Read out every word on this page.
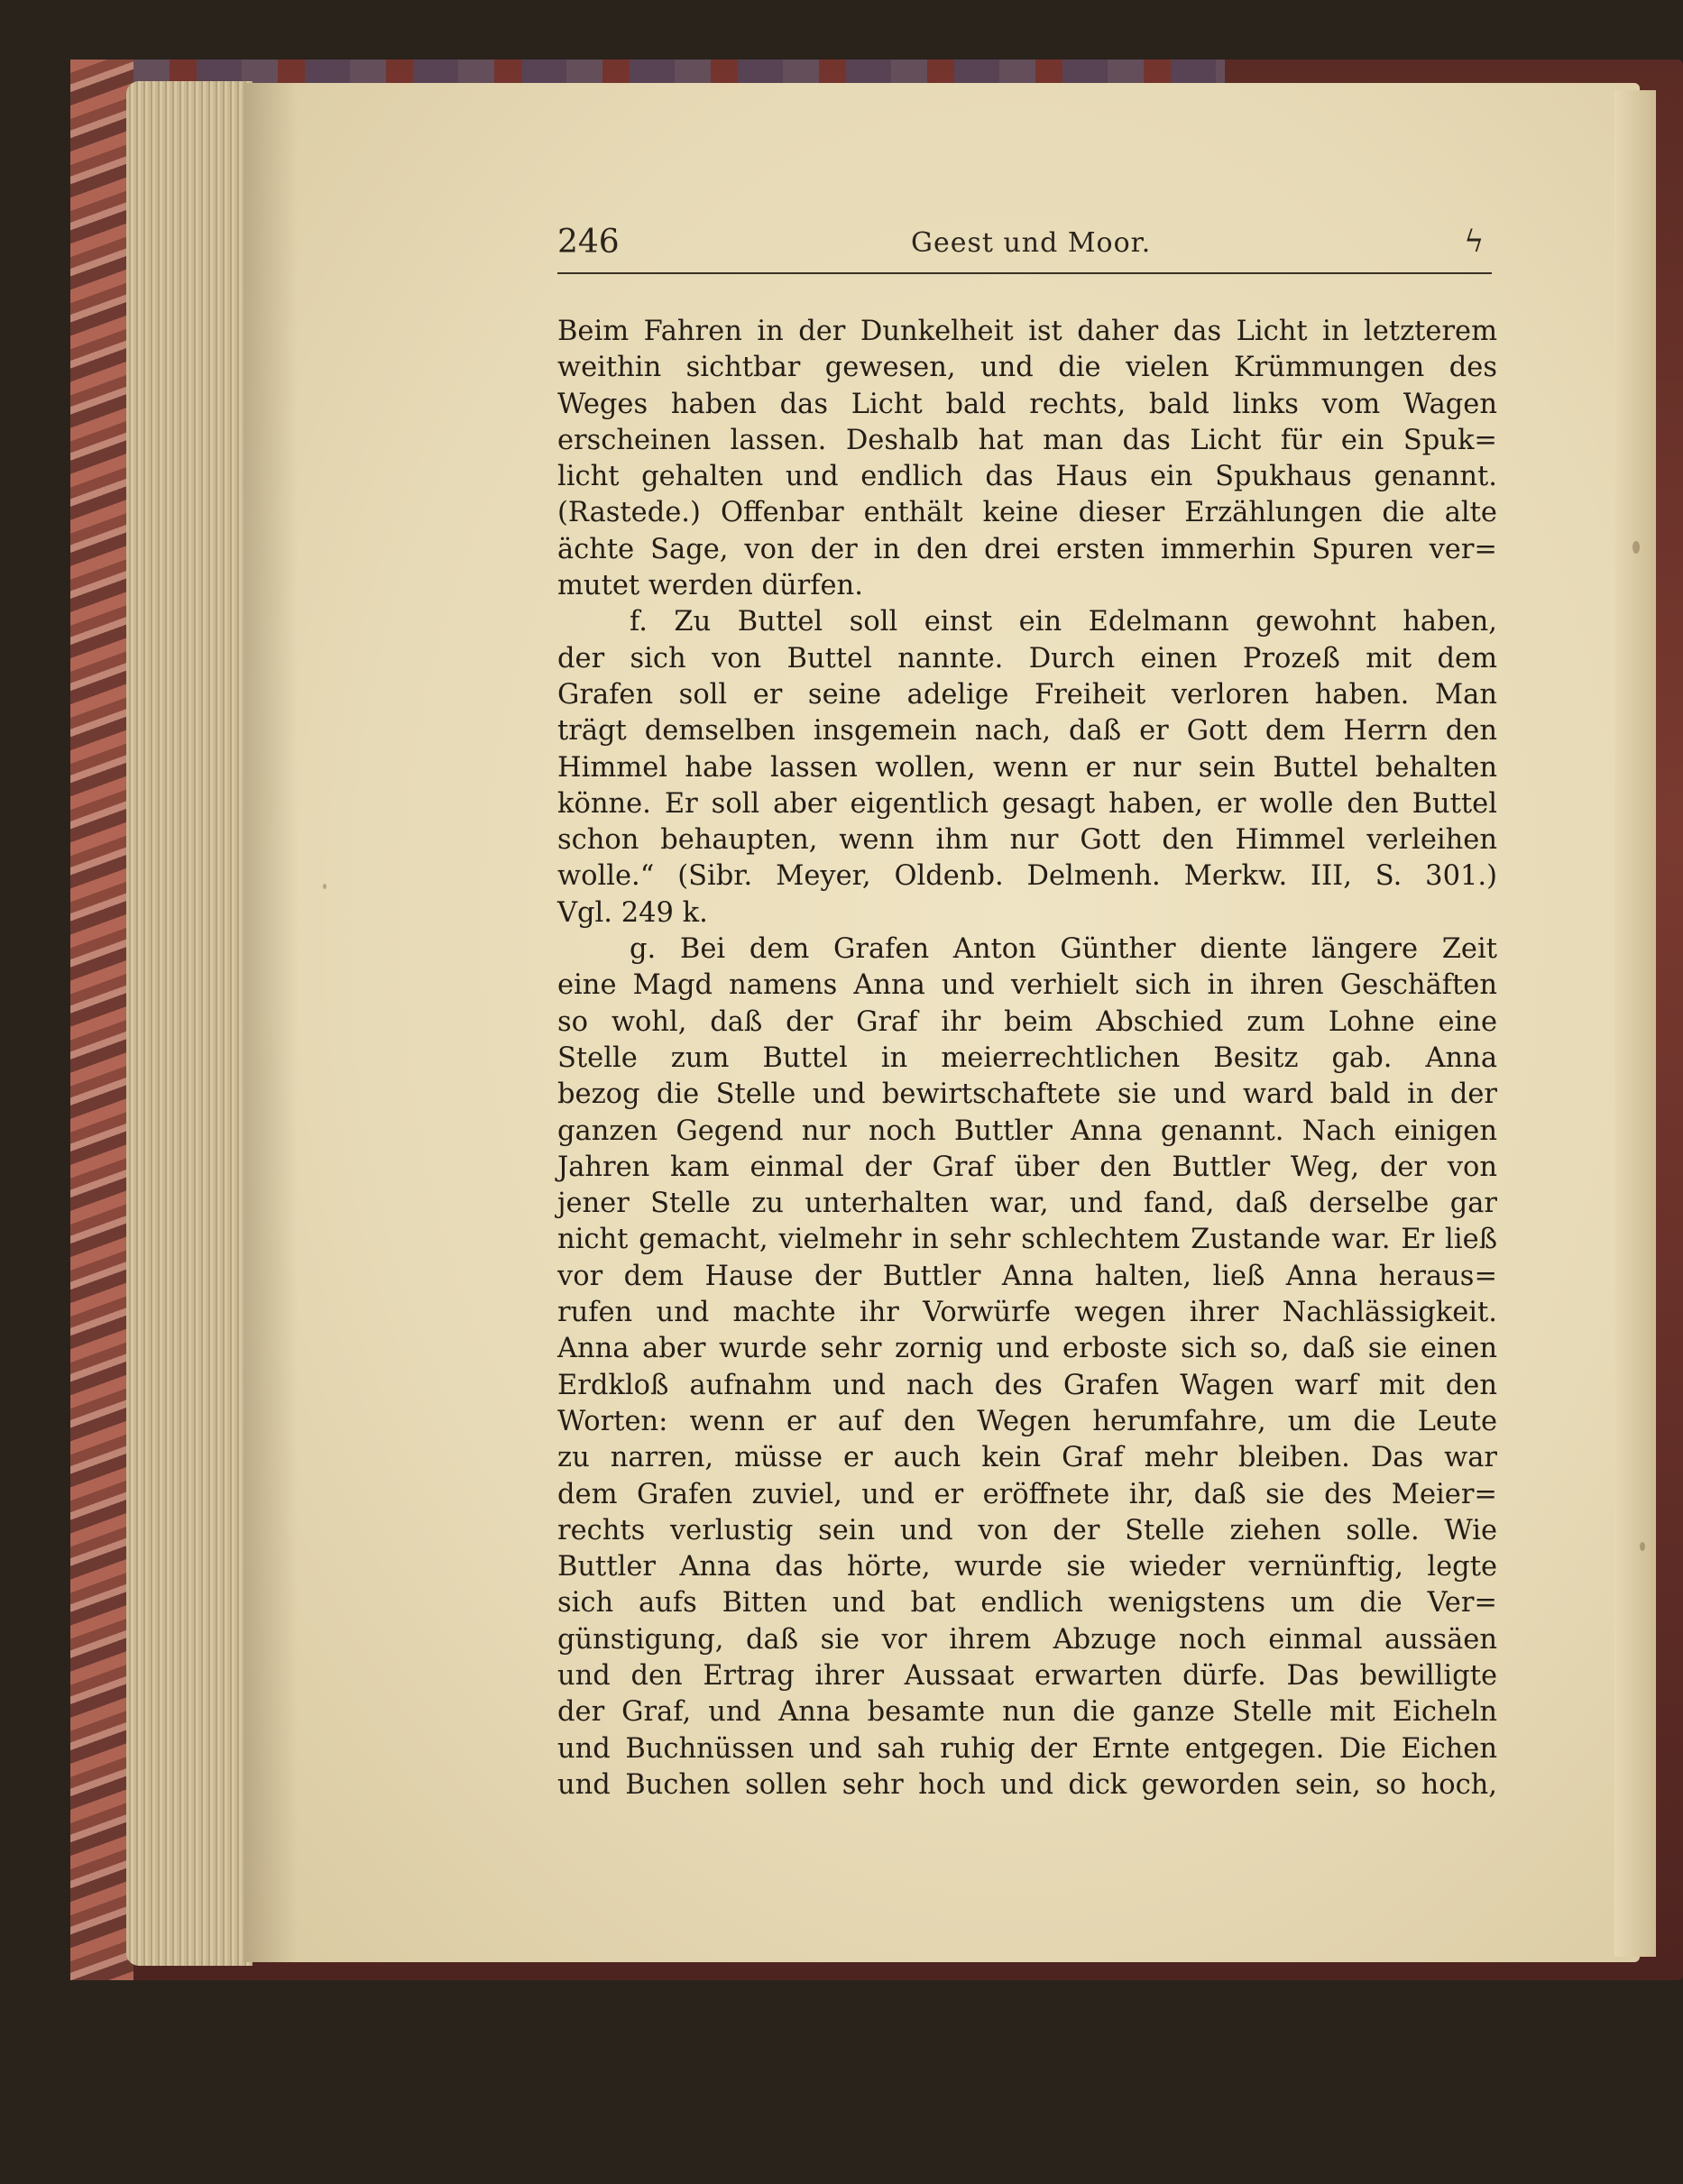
246	Geest und Moor.	ϟ
Beim Fahren in der Dunkelheit ist daher das Licht in letzterem
weithin sichtbar gewesen, und die vielen Krümmungen des
Weges haben das Licht bald rechts, bald links vom Wagen
erscheinen lassen. Deshalb hat man das Licht für ein Spuk=
licht gehalten und endlich das Haus ein Spukhaus genannt.
(Rastede.) Offenbar enthält keine dieser Erzählungen die alte
ächte Sage, von der in den drei ersten immerhin Spuren ver=
mutet werden dürfen.
f. Zu Buttel soll einst ein Edelmann gewohnt haben,
der sich von Buttel nannte. Durch einen Prozeß mit dem
Grafen soll er seine adelige Freiheit verloren haben. Man
trägt demselben insgemein nach, daß er Gott dem Herrn den
Himmel habe lassen wollen, wenn er nur sein Buttel behalten
könne. Er soll aber eigentlich gesagt haben, er wolle den Buttel
schon behaupten, wenn ihm nur Gott den Himmel verleihen
wolle.“ (Sibr. Meyer, Oldenb. Delmenh. Merkw. III, S. 301.)
Vgl. 249 k.
g. Bei dem Grafen Anton Günther diente längere Zeit
eine Magd namens Anna und verhielt sich in ihren Geschäften
so wohl, daß der Graf ihr beim Abschied zum Lohne eine
Stelle zum Buttel in meierrechtlichen Besitz gab. Anna
bezog die Stelle und bewirtschaftete sie und ward bald in der
ganzen Gegend nur noch Buttler Anna genannt. Nach einigen
Jahren kam einmal der Graf über den Buttler Weg, der von
jener Stelle zu unterhalten war, und fand, daß derselbe gar
nicht gemacht, vielmehr in sehr schlechtem Zustande war. Er ließ
vor dem Hause der Buttler Anna halten, ließ Anna heraus=
rufen und machte ihr Vorwürfe wegen ihrer Nachlässigkeit.
Anna aber wurde sehr zornig und erboste sich so, daß sie einen
Erdkloß aufnahm und nach des Grafen Wagen warf mit den
Worten: wenn er auf den Wegen herumfahre, um die Leute
zu narren, müsse er auch kein Graf mehr bleiben. Das war
dem Grafen zuviel, und er eröffnete ihr, daß sie des Meier=
rechts verlustig sein und von der Stelle ziehen solle. Wie
Buttler Anna das hörte, wurde sie wieder vernünftig, legte
sich aufs Bitten und bat endlich wenigstens um die Ver=
günstigung, daß sie vor ihrem Abzuge noch einmal aussäen
und den Ertrag ihrer Aussaat erwarten dürfe. Das bewilligte
der Graf, und Anna besamte nun die ganze Stelle mit Eicheln
und Buchnüssen und sah ruhig der Ernte entgegen. Die Eichen
und Buchen sollen sehr hoch und dick geworden sein, so hoch,
